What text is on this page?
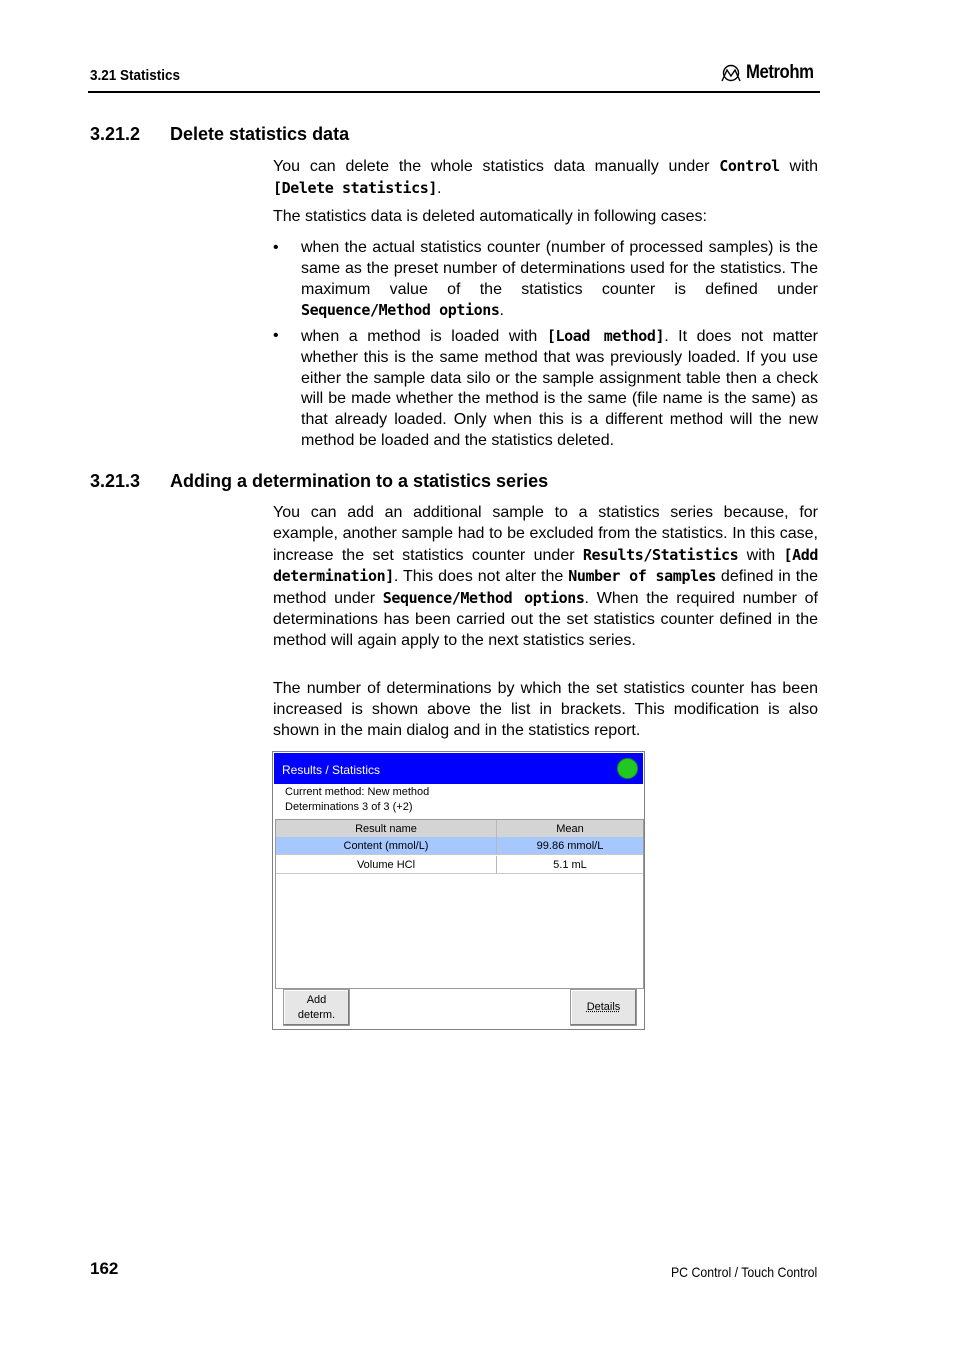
3.21 Statistics	Metrohm
3.21.2 Delete statistics data

You can delete the whole statistics data manually under Control with [Delete statistics].

The statistics data is deleted automatically in following cases:

•	when the actual statistics counter (number of processed samples) is the same as the preset number of determinations used for the statistics. The maximum value of the statistics counter is defined under Sequence/Method options.
•	when a method is loaded with [Load method]. It does not matter whether this is the same method that was previously loaded. If you use either the sample data silo or the sample assignment table then a check will be made whether the method is the same (file name is the same) as that already loaded. Only when this is a different method will the new method be loaded and the statistics deleted.
3.21.3 Adding a determination to a statistics series

You can add an additional sample to a statistics series because, for example, another sample had to be excluded from the statistics. In this case, increase the set statistics counter under Results/Statistics with [Add determination]. This does not alter the Number of samples defined in the method under Sequence/Method options. When the required number of determinations has been carried out the set statistics counter defined in the method will again apply to the next statistics series.

The number of determinations by which the set statistics counter has been increased is shown above the list in brackets. This modification is also shown in the main dialog and in the statistics report.

Results / Statistics
Current method: New method
Determinations 3 of 3 (+2)
Result name	Mean
Content (mmol/L)	99.86 mmol/L
Volume HCl	5.1 mL
Add
determ.
Details
162	PC Control / Touch Control
